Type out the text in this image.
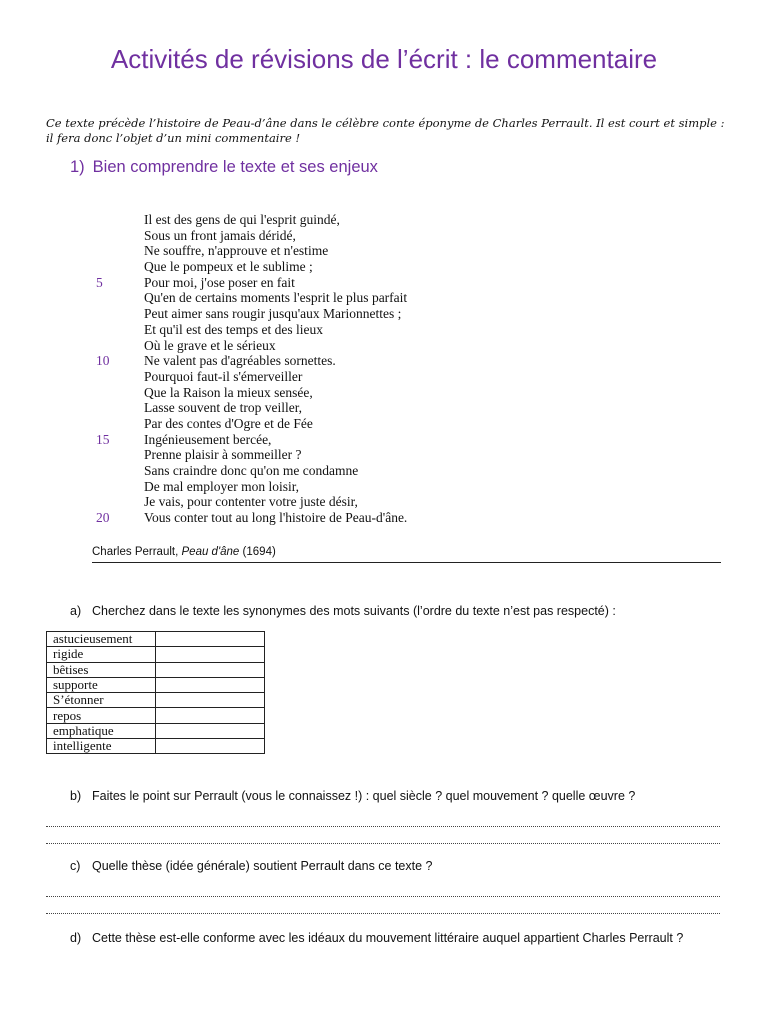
Activités de révisions de l’écrit : le commentaire

Ce texte précède l’histoire de Peau-d’âne dans le célèbre conte éponyme de Charles Perrault. Il est court et simple : il fera donc l’objet d’un mini commentaire !

1) Bien comprendre le texte et ses enjeux
Il est des gens de qui l'esprit guindé,
Sous un front jamais déridé,
Ne souffre, n'approuve et n'estime
Que le pompeux et le sublime ;
5	Pour moi, j'ose poser en fait
Qu'en de certains moments l'esprit le plus parfait
Peut aimer sans rougir jusqu'aux Marionnettes ;
Et qu'il est des temps et des lieux
Où le grave et le sérieux
10	Ne valent pas d'agréables sornettes.
Pourquoi faut-il s'émerveiller
Que la Raison la mieux sensée,
Lasse souvent de trop veiller,
Par des contes d'Ogre et de Fée
15	Ingénieusement bercée,
Prenne plaisir à sommeiller ?
Sans craindre donc qu'on me condamne
De mal employer mon loisir,
Je vais, pour contenter votre juste désir,
20	Vous conter tout au long l'histoire de Peau-d'âne.
Charles Perrault, Peau d'âne (1694)

a) Cherchez dans le texte les synonymes des mots suivants (l’ordre du texte n’est pas respecté) :

astucieusement	
rigide	
bêtises	
supporte	
S’étonner	
repos	
emphatique	
intelligente	

b) Faites le point sur Perrault (vous le connaissez !) : quel siècle ? quel mouvement ? quelle œuvre ?

c) Quelle thèse (idée générale) soutient Perrault dans ce texte ?

d) Cette thèse est-elle conforme avec les idéaux du mouvement littéraire auquel appartient Charles Perrault ?
